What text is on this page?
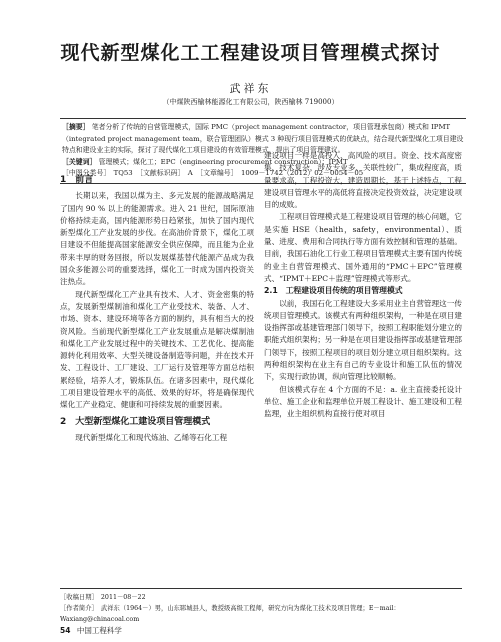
现代新型煤化工工程建设项目管理模式探讨
武祥东
（中煤陕西榆林能源化工有限公司，陕西榆林 719000）
［摘要］ 笔者分析了传统的自营管理模式，国际 PMC（project management contractor，项目管理承包商）模式和 IPMT（integrated project management team，联合管理团队）模式 3 种现行项目管理模式的优缺点，结合现代新型煤化工项目建设特点和建设业主的实际，探讨了现代煤化工项目建设的有效管理模式，提出了项目管理建议。
［关键词］ 管理模式；煤化工；EPC（engineering procurement construction）；IPMT
［中图分类号］　TQ53　［文献标识码］　A　［文章编号］　1009－1742（2012）02－0054－05
1　前言

长期以来，我国以煤为主、多元发展的能源战略满足了国内 90 % 以上的能源需求。进入 21 世纪，国际原油价格持续走高，国内能源形势日趋紧张，加快了国内现代新型煤化工产业发展的步伐。在高油价背景下，煤化工项目建设不但能提高国家能源安全供应保障，而且能为企业带来丰厚的财务回报，所以发展煤基替代能源产品成为我国众多能源公司的重要选择，煤化工一时成为国内投资关注热点。

现代新型煤化工产业具有技术、人才、资金密集的特点，发展新型煤制油和煤化工产业受技术、装备、人才、市场、资本、建设环境等各方面的制约，具有相当大的投资风险。当前现代新型煤化工产业发展重点是解决煤制油和煤化工产业发展过程中的关键技术、工艺优化、提高能源转化利用效率、大型关键设备制造等问题，并在技术开发、工程设计、工厂建设、工厂运行及管理等方面总结积累经验，培养人才，锻炼队伍。在诸多因素中，现代煤化工项目建设管理水平的高低、效果的好坏，将是确保现代煤化工产业稳定、健康和可持续发展的重要因素。

2　大型新型煤化工建设项目管理模式

现代新型煤化工和现代炼油、乙烯等石化工程

建设项目一样是高投入、高风险的项目。资金、技术高度密集，技术复杂，涉及专业多、关联性较广，集成程度高，质量要求高，工程投资大，建造周期长，基于上述特点，工程建设项目管理水平的高低将直接决定投资效益，决定建设项目的成败。

工程项目管理模式是工程建设项目管理的核心问题，它是实施 HSE（health，safety，environmental）、质量、进度、费用和合同执行等方面有效控制和管理的基础。目前，我国石油化工行业工程项目管理模式主要有国内传统的业主自营管理模式、国外通用的“PMC＋EPC”管理模式、“IPMT＋EPC＋监理”管理模式等形式。

2.1　工程建设项目传统的项目管理模式

以前，我国石化工程建设大多采用业主自营管理这一传统项目管理模式。该模式有两种组织架构，一种是在项目建设指挥部或基建管理部门领导下，按照工程职能划分建立的职能式组织架构；另一种是在项目建设指挥部或基建管理部门领导下，按照工程项目的项目划分建立项目组织架构。这两种组织架构在业主有自己的专业设计和施工队伍的情况下，实现行政协调，纵向管理比较顺畅。

但该模式存在 4 个方面的不足：a. 业主直接委托设计单位、施工企业和监理单位开展工程设计、施工建设和工程监理，业主组织机构直接行使对项目

［收稿日期］　2011－08－22
［作者简介］　武祥东（1964－）男，山东郓城县人，教授级高级工程师，研究方向为煤化工技术及项目管理；E－mail：Waxiang@chinacoal.com
54 中国工程科学
